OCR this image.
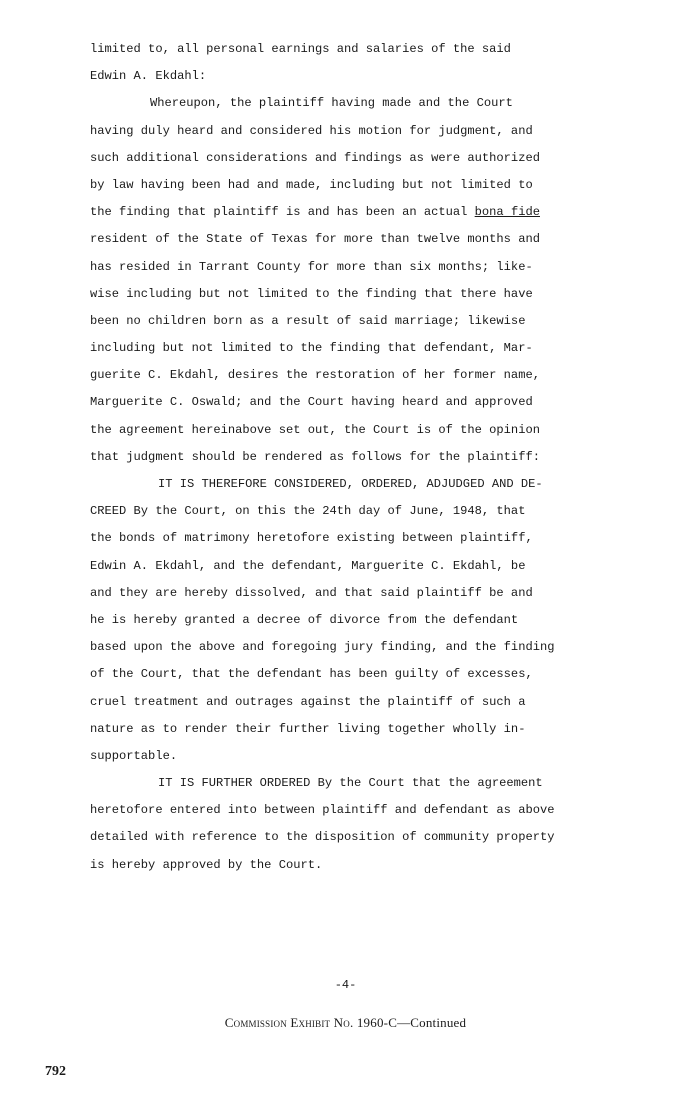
limited to, all personal earnings and salaries of the said
Edwin A. Ekdahl:
Whereupon, the plaintiff having made and the Court
having duly heard and considered his motion for judgment, and
such additional considerations and findings as were authorized
by law having been had and made, including but not limited to
the finding that plaintiff is and has been an actual bona fide
resident of the State of Texas for more than twelve months and
has resided in Tarrant County for more than six months; like-
wise including but not limited to the finding that there have
been no children born as a result of said marriage; likewise
including but not limited to the finding that defendant, Mar-
guerite C. Ekdahl, desires the restoration of her former name,
Marguerite C. Oswald; and the Court having heard and approved
the agreement hereinabove set out, the Court is of the opinion
that judgment should be rendered as follows for the plaintiff:
IT IS THEREFORE CONSIDERED, ORDERED, ADJUDGED AND DE-
CREED By the Court, on this the 24th day of June, 1948, that
the bonds of matrimony heretofore existing between plaintiff,
Edwin A. Ekdahl, and the defendant, Marguerite C. Ekdahl, be
and they are hereby dissolved, and that said plaintiff be and
he is hereby granted a decree of divorce from the defendant
based upon the above and foregoing jury finding, and the finding
of the Court, that the defendant has been guilty of excesses,
cruel treatment and outrages against the plaintiff of such a
nature as to render their further living together wholly in-
supportable.
IT IS FURTHER ORDERED By the Court that the agreement
heretofore entered into between plaintiff and defendant as above
detailed with reference to the disposition of community property
is hereby approved by the Court.
-4-
Commission Exhibit No. 1960-C—Continued
792
